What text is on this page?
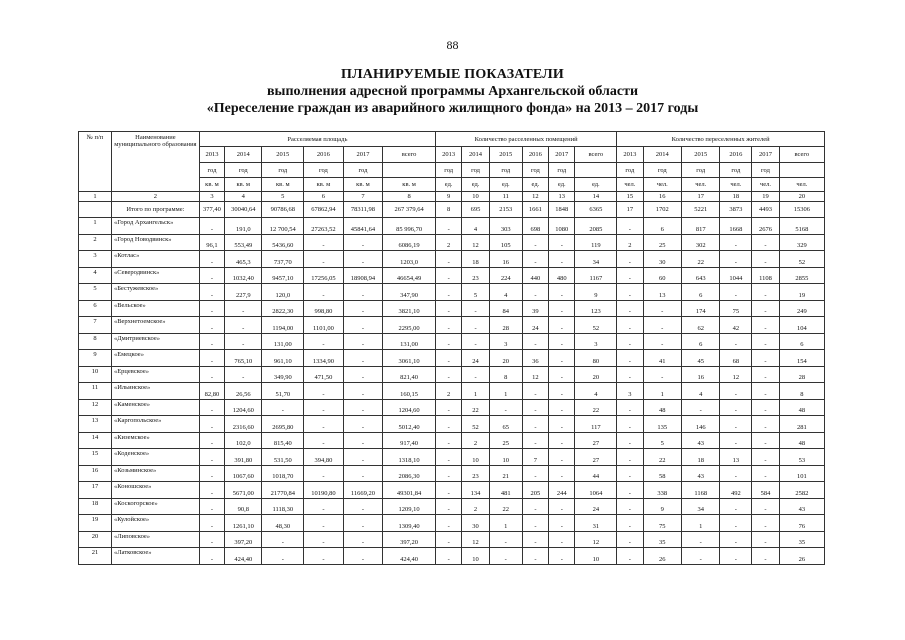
88
ПЛАНИРУЕМЫЕ ПОКАЗАТЕЛИ
выполнения адресной программы Архангельской области
«Переселение граждан из аварийного жилищного фонда» на 2013 – 2017 годы
№ п/п	Наименование муниципального образования	Расселяемая площадь						Количество расселенных помещений						Количество переселенных жителей					
		2013	2014	2015	2016	2017	всего	2013	2014	2015	2016	2017	всего	2013	2014	2015	2016	2017	всего
		год	год	год	год	год		год	год	год	год	год		год	год	год	год	год	
		кв. м	кв. м	кв. м	кв. м	кв. м	кв. м	ед.	ед.	ед.	ед.	ед.	ед.	чел.	чел.	чел.	чел.	чел.	чел.
1	2	3	4	5	6	7	8	9	10	11	12	13	14	15	16	17	18	19	20
	Итого по программе:	377,40	30040,64	90786,68	67862,94	78311,98	267 379,64	8	695	2153	1661	1848	6365	17	1702	5221	3873	4493	15306
1	«Город Архангельск»	-	191,0	12 700,54	27263,52	45841,64	85 996,70	-	4	303	698	1080	2085	-	6	817	1668	2676	5168
2	«Город Новодвинск»	96,1	553,49	5436,60	-	-	6086,19	2	12	105	-	-	119	2	25	302	-	-	329
3	«Котлас»	-	465,3	737,70	-	-	1203,0	-	18	16	-	-	34	-	30	22	-	-	52
4	«Северодвинск»	-	1032,40	9457,10	17256,05	18908,94	46654,49	-	23	224	440	480	1167	-	60	643	1044	1108	2855
5	«Бестужевское»	-	227,9	120,0	-	-	347,90	-	5	4	-	-	9	-	13	6	-	-	19
6	«Вельское»	-	-	2822,30	998,80	-	3821,10	-	-	84	39	-	123	-	-	174	75	-	249
7	«Верхнетоемское»	-	-	1194,00	1101,00	-	2295,00	-	-	28	24	-	52	-	-	62	42	-	104
8	«Дмитриевское»	-	-	131,00	-	-	131,00	-	-	3	-	-	3	-	-	6	-	-	6
9	«Емецкое»	-	765,10	961,10	1334,90	-	3061,10	-	24	20	36	-	80	-	41	45	68	-	154
10	«Ерцевское»	-	-	349,90	471,50	-	821,40	-	-	8	12	-	20	-	-	16	12	-	28
11	«Ильинское»	82,80	26,56	51,70	-	-	160,15	2	1	1	-	-	4	3	1	4	-	-	8
12	«Каменское»	-	1204,60	-	-	-	1204,60	-	22	-	-	-	22	-	48	-	-	-	48
13	«Каргопольское»	-	2316,60	2695,80	-	-	5012,40	-	52	65	-	-	117	-	135	146	-	-	281
14	«Киземское»	-	102,0	815,40	-	-	917,40	-	2	25	-	-	27	-	5	43	-	-	48
15	«Коденское»	-	391,80	531,50	394,80	-	1318,10	-	10	10	7	-	27	-	22	18	13	-	53
16	«Козьминское»	-	1067,60	1018,70	-	-	2086,30	-	23	21	-	-	44	-	58	43	-	-	101
17	«Коношское»	-	5671,00	21770,84	10190,80	11669,20	49301,84	-	134	481	205	244	1064	-	338	1168	492	584	2582
18	«Коскогорское»	-	90,8	1118,30	-	-	1209,10	-	2	22	-	-	24	-	9	34	-	-	43
19	«Кулойское»	-	1261,10	48,30	-	-	1309,40	-	30	1	-	-	31	-	75	1	-	-	76
20	«Липовское»	-	397,20	-	-	-	397,20	-	12	-	-	-	12	-	35	-	-	-	35
21	«Латковское»	-	424,40	-	-	-	424,40	-	10	-	-	-	10	-	26	-	-	-	26
